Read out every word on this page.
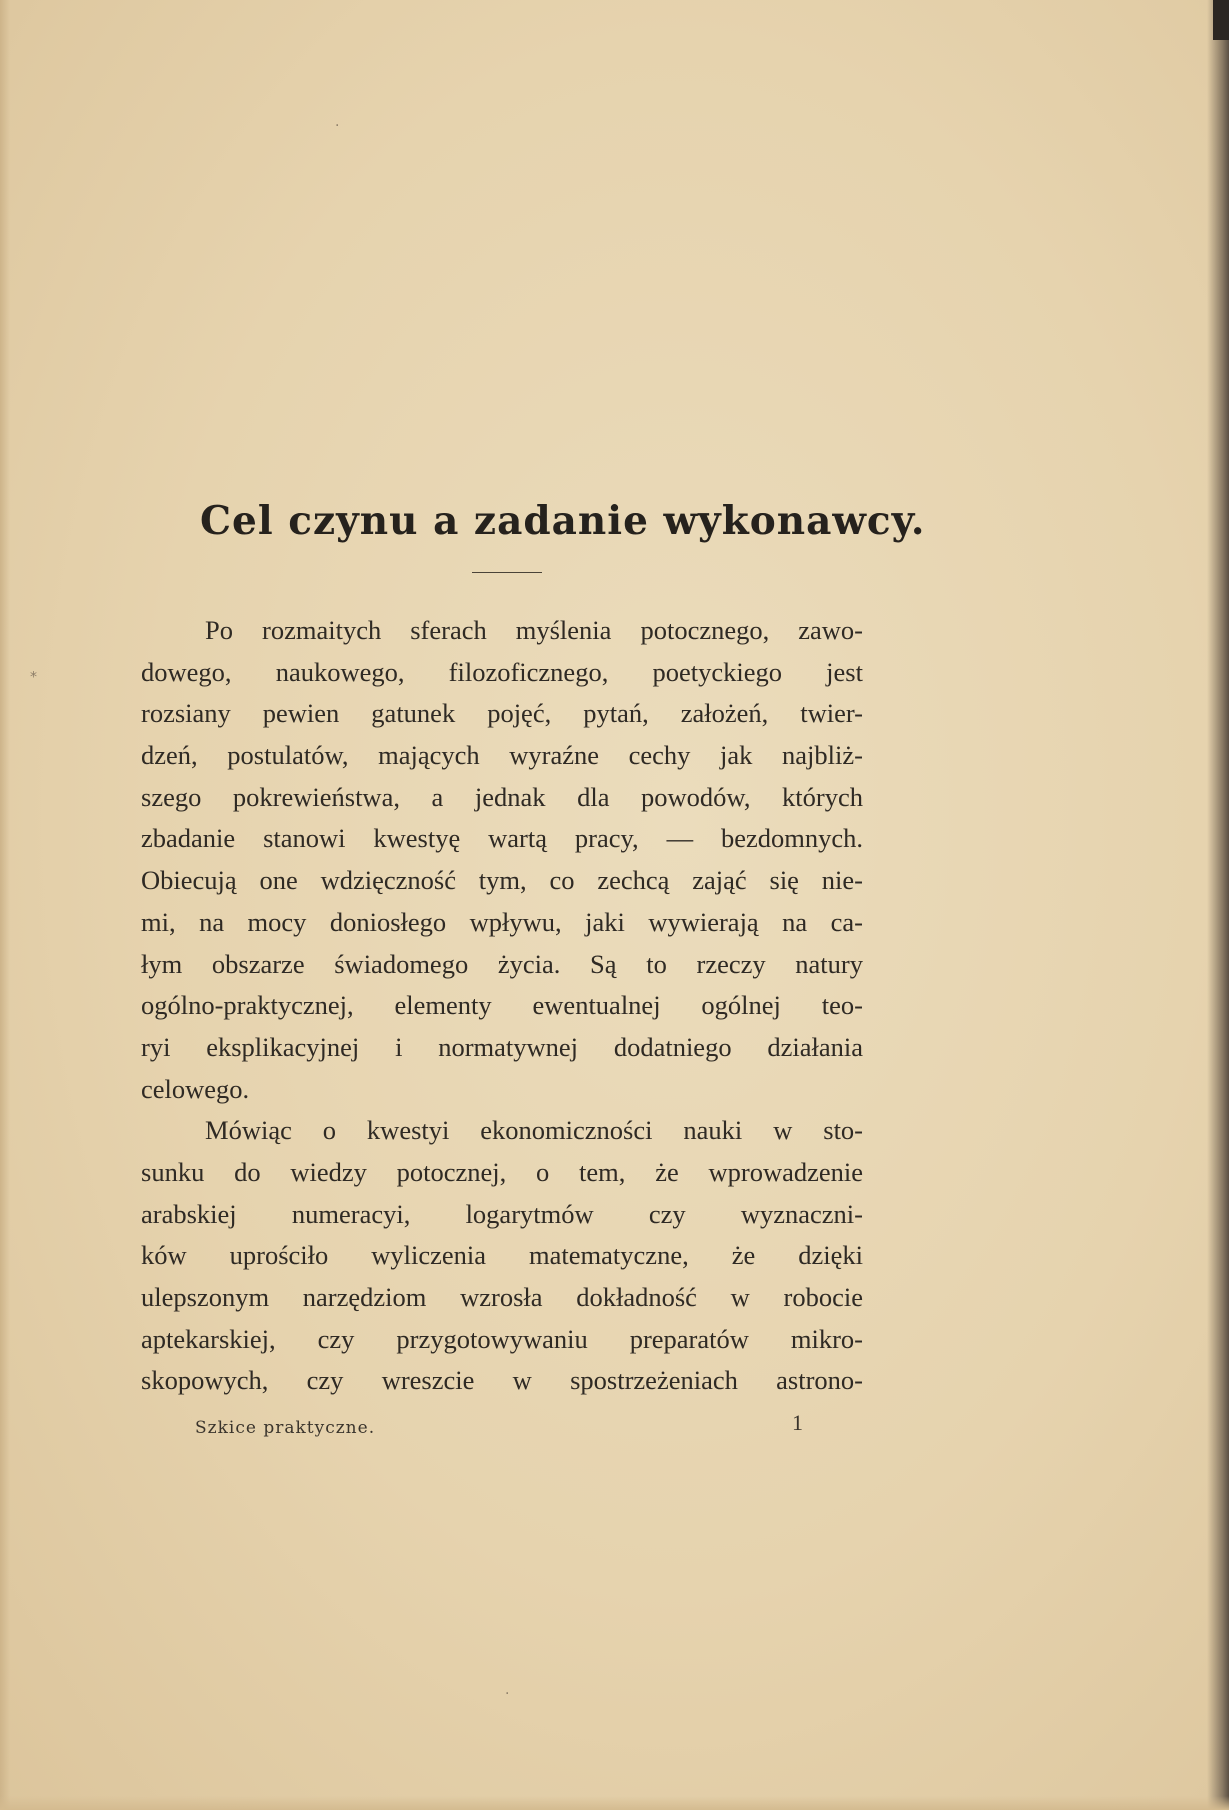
·
⁎
·
Cel czynu a zadanie wykonawcy.
Po rozmaitych sferach myślenia potocznego, zawo-
dowego, naukowego, filozoficznego, poetyckiego jest
rozsiany pewien gatunek pojęć, pytań, założeń, twier-
dzeń, postulatów, mających wyraźne cechy jak najbliż-
szego pokrewieństwa, a jednak dla powodów, których
zbadanie stanowi kwestyę wartą pracy, — bezdomnych.
Obiecują one wdzięczność tym, co zechcą zająć się nie-
mi, na mocy doniosłego wpływu, jaki wywierają na ca-
łym obszarze świadomego życia. Są to rzeczy natury
ogólno-praktycznej, elementy ewentualnej ogólnej teo-
ryi eksplikacyjnej i normatywnej dodatniego działania
celowego.
Mówiąc o kwestyi ekonomiczności nauki w sto-
sunku do wiedzy potocznej, o tem, że wprowadzenie
arabskiej numeracyi, logarytmów czy wyznaczni-
ków uprościło wyliczenia matematyczne, że dzięki
ulepszonym narzędziom wzrosła dokładność w robocie
aptekarskiej, czy przygotowywaniu preparatów mikro-
skopowych, czy wreszcie w spostrzeżeniach astrono-
Szkice praktyczne.	1
